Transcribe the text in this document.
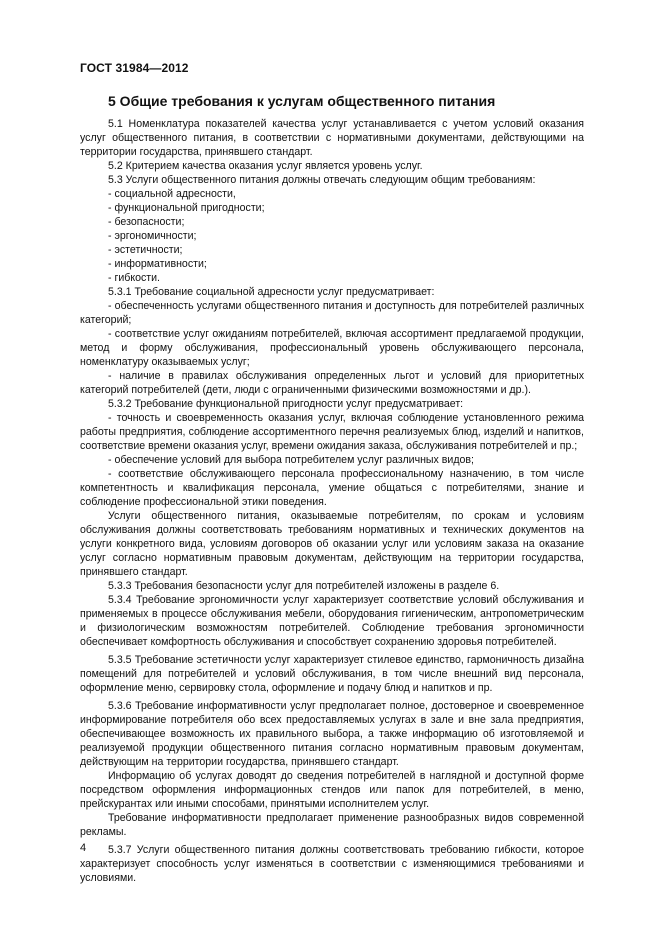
ГОСТ 31984—2012
5 Общие требования к услугам общественного питания

5.1 Номенклатура показателей качества услуг устанавливается с учетом условий оказания услуг общественного питания, в соответствии с нормативными документами, действующими на территории государства, принявшего стандарт.

5.2 Критерием качества оказания услуг является уровень услуг.

5.3 Услуги общественного питания должны отвечать следующим общим требованиям:

- социальной адресности,

- функциональной пригодности;

- безопасности;

- эргономичности;

- эстетичности;

- информативности;

- гибкости.

5.3.1 Требование социальной адресности услуг предусматривает:

- обеспеченность услугами общественного питания и доступность для потребителей различных категорий;

- соответствие услуг ожиданиям потребителей, включая ассортимент предлагаемой продукции, метод и форму обслуживания, профессиональный уровень обслуживающего персонала, номенклатуру оказываемых услуг;

- наличие в правилах обслуживания определенных льгот и условий для приоритетных категорий потребителей (дети, люди с ограниченными физическими возможностями и др.).

5.3.2 Требование функциональной пригодности услуг предусматривает:

- точность и своевременность оказания услуг, включая соблюдение установленного режима работы предприятия, соблюдение ассортиментного перечня реализуемых блюд, изделий и напитков, соответствие времени оказания услуг, времени ожидания заказа, обслуживания потребителей и пр.;

- обеспечение условий для выбора потребителем услуг различных видов;

- соответствие обслуживающего персонала профессиональному назначению, в том числе компетентность и квалификация персонала, умение общаться с потребителями, знание и соблюдение профессиональной этики поведения.

Услуги общественного питания, оказываемые потребителям, по срокам и условиям обслуживания должны соответствовать требованиям нормативных и технических документов на услуги конкретного вида, условиям договоров об оказании услуг или условиям заказа на оказание услуг согласно нормативным правовым документам, действующим на территории государства, принявшего стандарт.

5.3.3 Требования безопасности услуг для потребителей изложены в разделе 6.

5.3.4 Требование эргономичности услуг характеризует соответствие условий обслуживания и применяемых в процессе обслуживания мебели, оборудования гигиеническим, антропометрическим и физиологическим возможностям потребителей. Соблюдение требования эргономичности обеспечивает комфортность обслуживания и способствует сохранению здоровья потребителей.

5.3.5 Требование эстетичности услуг характеризует стилевое единство, гармоничность дизайна помещений для потребителей и условий обслуживания, в том числе внешний вид персонала, оформление меню, сервировку стола, оформление и подачу блюд и напитков и пр.

5.3.6 Требование информативности услуг предполагает полное, достоверное и своевременное информирование потребителя обо всех предоставляемых услугах в зале и вне зала предприятия, обеспечивающее возможность их правильного выбора, а также информацию об изготовляемой и реализуемой продукции общественного питания согласно нормативным правовым документам, действующим на территории государства, принявшего стандарт.

Информацию об услугах доводят до сведения потребителей в наглядной и доступной форме посредством оформления информационных стендов или папок для потребителей, в меню, прейскурантах или иными способами, принятыми исполнителем услуг.

Требование информативности предполагает применение разнообразных видов современной рекламы.

5.3.7 Услуги общественного питания должны соответствовать требованию гибкости, которое характеризует способность услуг изменяться в соответствии с изменяющимися требованиями и условиями.

4
